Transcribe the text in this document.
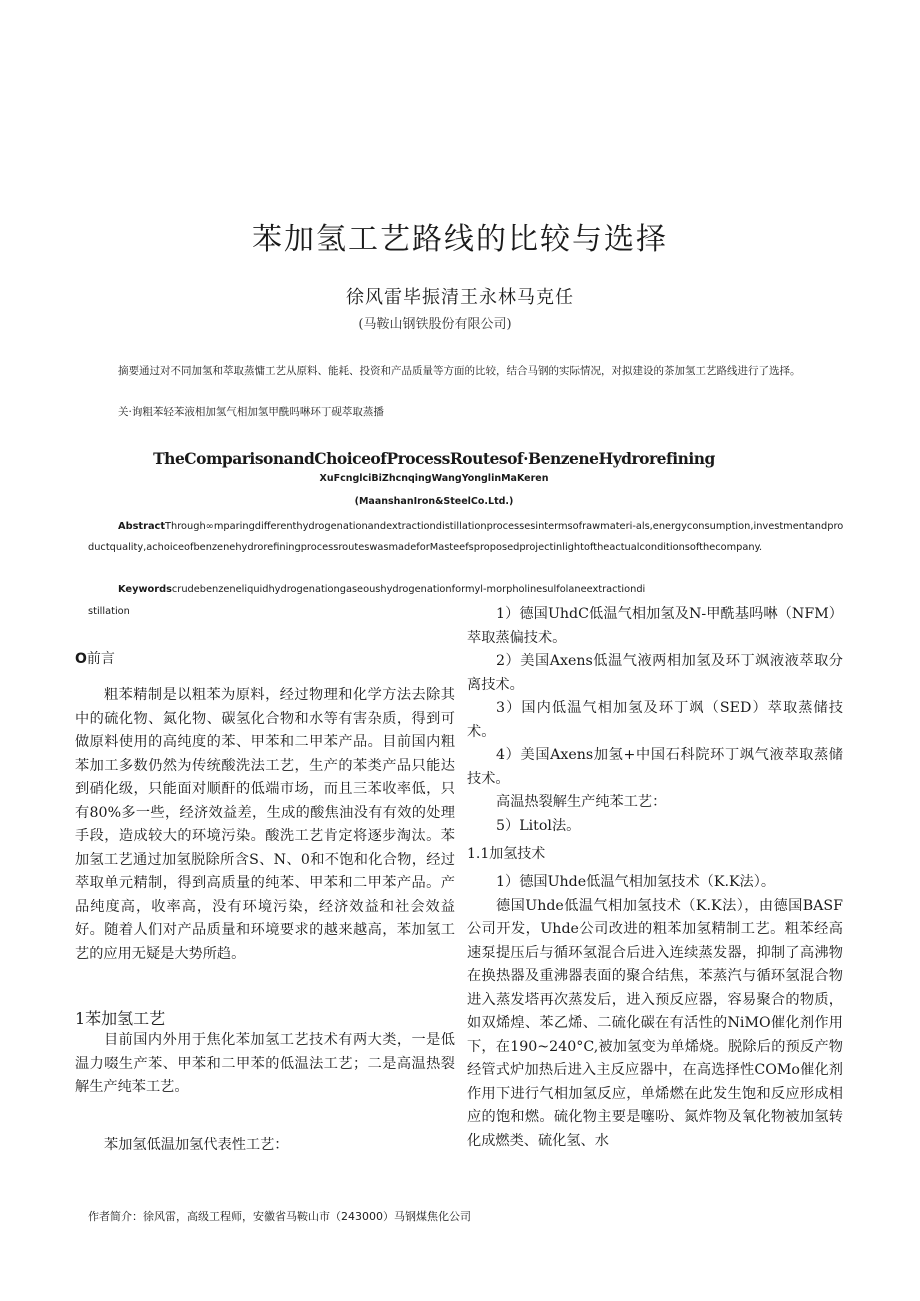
苯加氢工艺路线的比较与选择
徐风雷毕振清王永林马克任
(马鞍山钢铁股份有限公司)

摘要通过对不同加氢和萃取蒸慵工艺从原料、能耗、投资和产品质量等方面的比较，结合马钢的实际情况，对拟建设的茶加氢工艺路线进行了选择。

关·询粗苯轻苯液相加氢气相加氢甲酰吗啉环丁砚萃取蒸播

TheComparisonandChoiceofProcessRoutesof·BenzeneHydrorefining
XuFcnglciBiZhcnqingWangYonglinMaKeren
(MaanshanIron&SteelCo.Ltd.)

AbstractThrough∞mparingdifferenthydrogenationandextractiondistillationprocessesintermsofrawmateri-als,energyconsumption,investmentandproductquality,achoiceofbenzenehydrorefiningprocessrouteswasmadeforMasteefsproposedprojectinlightoftheactualconditionsofthecompany.

Keywordscrudebenzeneliquidhydrogenationgaseoushydrogenationformyl-morpholinesulfolaneextractiondistillation

O前言

粗苯精制是以粗苯为原料，经过物理和化学方法去除其中的硫化物、氮化物、碳氢化合物和水等有害杂质，得到可做原料使用的高纯度的苯、甲苯和二甲苯产品。目前国内粗苯加工多数仍然为传统酸洗法工艺，生产的苯类产品只能达到硝化级，只能面对顺酐的低端市场，而且三苯收率低，只有80%多一些，经济效益差，生成的酸焦油没有有效的处理手段，造成较大的环境污染。酸洗工艺肯定将逐步淘汰。苯加氢工艺通过加氢脱除所含S、N、0和不饱和化合物，经过萃取单元精制，得到高质量的纯苯、甲苯和二甲苯产品。产品纯度高，收率高，没有环境污染，经济效益和社会效益好。随着人们对产品质量和环境要求的越来越高，苯加氢工艺的应用无疑是大势所趋。

1苯加氢工艺

目前国内外用于焦化苯加氢工艺技术有两大类，一是低温力啜生产苯、甲苯和二甲苯的低温法工艺；二是高温热裂解生产纯苯工艺。

苯加氢低温加氢代表性工艺：

1）德国UhdC低温气相加氢及N-甲酰基吗啉（NFM）萃取蒸偏技术。

2）美国Axens低温气液两相加氢及环丁飒液液萃取分离技术。

3）国内低温气相加氢及环丁飒（SED）萃取蒸储技术。

4）美国Axens加氢+中国石科院环丁飒气液萃取蒸储技术。

高温热裂解生产纯苯工艺：

5）Litol法。

1.1加氢技术

1）德国Uhde低温气相加氢技术（K.K法）。

德国Uhde低温气相加氢技术（K.K法），由德国BASF公司开发，Uhde公司改进的粗苯加氢精制工艺。粗苯经高速泵提压后与循环氢混合后进入连续蒸发器，抑制了高沸物在换热器及重沸器表面的聚合结焦，苯蒸汽与循环氢混合物进入蒸发塔再次蒸发后，进入预反应器，容易聚合的物质，如双烯煌、苯乙烯、二硫化碳在有活性的NiMO催化剂作用下，在190~240°C,被加氢变为单烯烧。脱除后的预反产物经管式炉加热后进入主反应器中，在高选择性COMo催化剂作用下进行气相加氢反应，单烯燃在此发生饱和反应形成相应的饱和燃。硫化物主要是噻吩、氮炸物及氧化物被加氢转化成燃类、硫化氢、水

作者简介：徐风雷，高级工程师，安徽省马鞍山市（243000）马钢煤焦化公司
